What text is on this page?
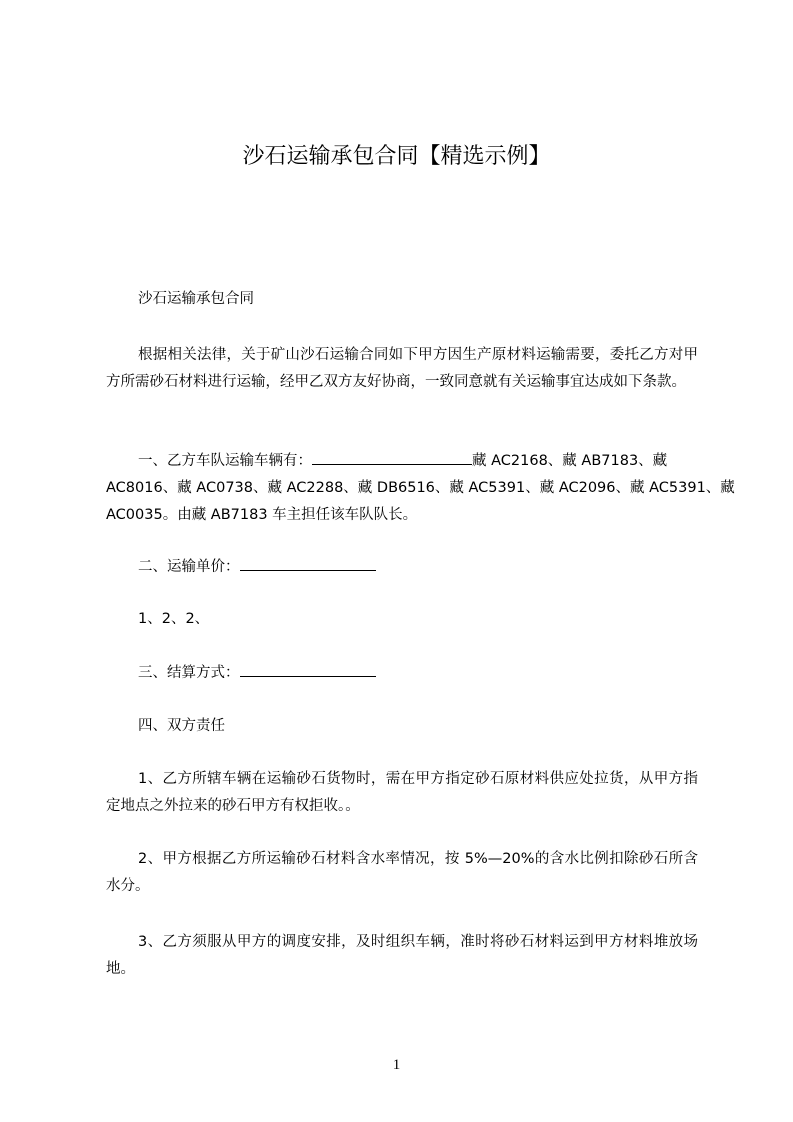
沙石运输承包合同【精选示例】
沙石运输承包合同
根据相关法律，关于矿山沙石运输合同如下甲方因生产原材料运输需要，委托乙方对甲方所需砂石材料进行运输，经甲乙双方友好协商，一致同意就有关运输事宜达成如下条款。
一、乙方车队运输车辆有：	藏 AC2168、藏 AB7183、藏
AC8016、藏 AC0738、藏 AC2288、藏 DB6516、藏 AC5391、藏 AC2096、藏 AC5391、藏
AC0035。由藏 AB7183 车主担任该车队队长。
二、运输单价：
1、2、2、
三、结算方式：
四、双方责任
1、乙方所辖车辆在运输砂石货物时，需在甲方指定砂石原材料供应处拉货，从甲方指定地点之外拉来的砂石甲方有权拒收。。
2、甲方根据乙方所运输砂石材料含水率情况，按 5%—20%的含水比例扣除砂石所含水分。
3、乙方须服从甲方的调度安排，及时组织车辆，准时将砂石材料运到甲方材料堆放场地。
1
